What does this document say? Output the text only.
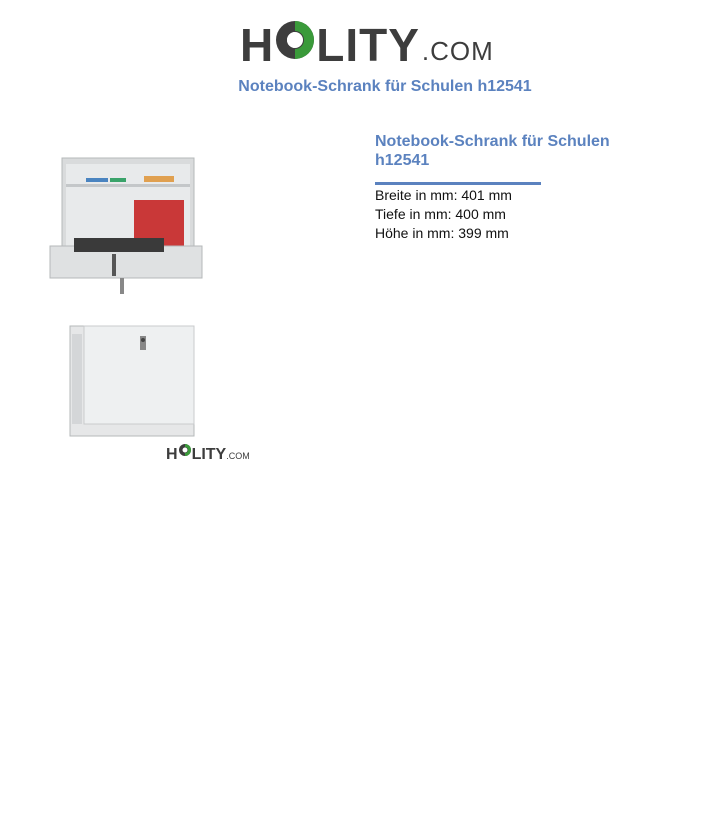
H LITY .COM
Notebook-Schrank für Schulen h12541
H LITY .COM
Notebook-Schrank für Schulen h12541
Breite in mm: 401 mm
Tiefe in mm: 400 mm
Höhe in mm: 399 mm
